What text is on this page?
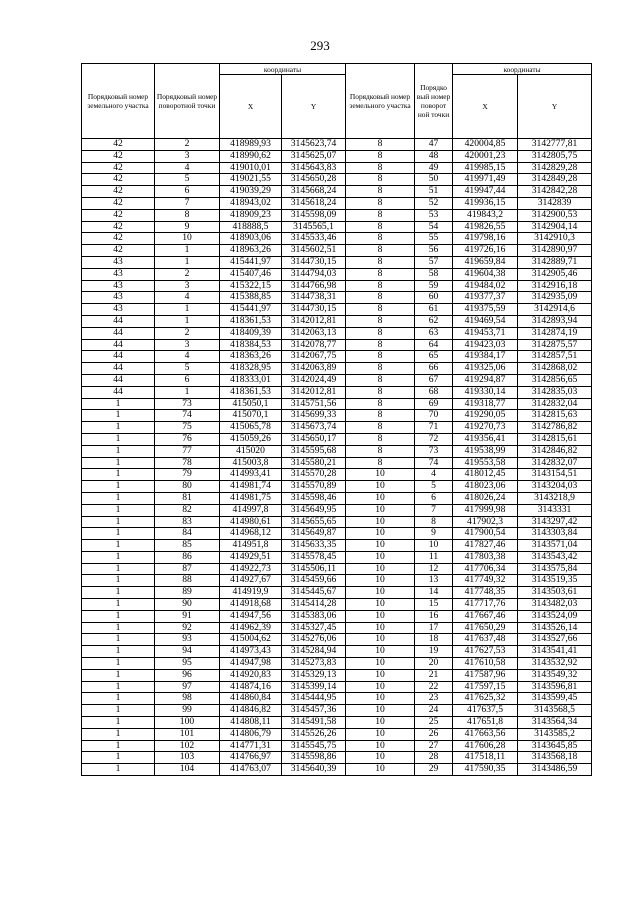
293
Порядковый номер земельного участка	Порядковый номер поворотной точки	координаты		Порядковый номер земельного участка	Порядко вый номер поворот ной точки	координаты	
		X	Y			X	Y
42	2	418989,93	3145623,74	8	47	420004,85	3142777,81
42	3	418990,62	3145625,07	8	48	420001,23	3142805,75
42	4	419010,01	3145643,83	8	49	419985,15	3142829,28
42	5	419021,55	3145650,28	8	50	419971,49	3142849,28
42	6	419039,29	3145668,24	8	51	419947,44	3142842,28
42	7	418943,02	3145618,24	8	52	419936,15	3142839
42	8	418909,23	3145598,09	8	53	419843,2	3142900,53
42	9	418888,5	3145565,1	8	54	419826,55	3142904,14
42	10	418903,06	3145533,46	8	55	419798,16	3142910,3
42	1	418963,26	3145602,51	8	56	419726,16	3142890,97
43	1	415441,97	3144730,15	8	57	419659,84	3142889,71
43	2	415407,46	3144794,03	8	58	419604,38	3142905,46
43	3	415322,15	3144766,98	8	59	419484,02	3142916,18
43	4	415388,85	3144738,31	8	60	419377,37	3142935,09
43	1	415441,97	3144730,15	8	61	419375,59	3142914,6
44	1	418361,53	3142012,81	8	62	419469,54	3142893,94
44	2	418409,39	3142063,13	8	63	419453,71	3142874,19
44	3	418384,53	3142078,77	8	64	419423,03	3142875,57
44	4	418363,26	3142067,75	8	65	419384,17	3142857,51
44	5	418328,95	3142063,89	8	66	419325,06	3142868,02
44	6	418333,01	3142024,49	8	67	419294,87	3142856,65
44	1	418361,53	3142012,81	8	68	419330,14	3142835,03
1	73	415050,1	3145751,56	8	69	419318,77	3142832,04
1	74	415070,1	3145699,33	8	70	419290,05	3142815,63
1	75	415065,78	3145673,74	8	71	419270,73	3142786,82
1	76	415059,26	3145650,17	8	72	419356,41	3142815,61
1	77	415020	3145595,68	8	73	419538,99	3142846,82
1	78	415003,8	3145580,21	8	74	419553,58	3142832,07
1	79	414993,41	3145570,28	10	4	418012,45	3143154,51
1	80	414981,74	3145570,89	10	5	418023,06	3143204,03
1	81	414981,75	3145598,46	10	6	418026,24	3143218,9
1	82	414997,8	3145649,95	10	7	417999,98	3143331
1	83	414980,61	3145655,65	10	8	417902,3	3143297,42
1	84	414968,12	3145649,87	10	9	417900,54	3143303,84
1	85	414951,8	3145633,35	10	10	417827,46	3143571,04
1	86	414929,51	3145578,45	10	11	417803,38	3143543,42
1	87	414922,73	3145506,11	10	12	417706,34	3143575,84
1	88	414927,67	3145459,66	10	13	417749,32	3143519,35
1	89	414919,9	3145445,67	10	14	417748,35	3143503,61
1	90	414918,68	3145414,28	10	15	417717,76	3143482,03
1	91	414947,56	3145383,06	10	16	417667,46	3143524,09
1	92	414962,39	3145327,45	10	17	417650,29	3143526,14
1	93	415004,62	3145276,06	10	18	417637,48	3143527,66
1	94	414973,43	3145284,94	10	19	417627,53	3143541,41
1	95	414947,98	3145273,83	10	20	417610,58	3143532,92
1	96	414920,83	3145329,13	10	21	417587,96	3143549,32
1	97	414874,16	3145399,14	10	22	417597,15	3143596,81
1	98	414860,84	3145444,95	10	23	417625,32	3143599,45
1	99	414846,82	3145457,36	10	24	417637,5	3143568,5
1	100	414808,11	3145491,58	10	25	417651,8	3143564,34
1	101	414806,79	3145526,26	10	26	417663,56	3143585,2
1	102	414771,31	3145545,75	10	27	417606,28	3143645,85
1	103	414766,97	3145598,86	10	28	417518,11	3143568,18
1	104	414763,07	3145640,39	10	29	417590,35	3143486,59
